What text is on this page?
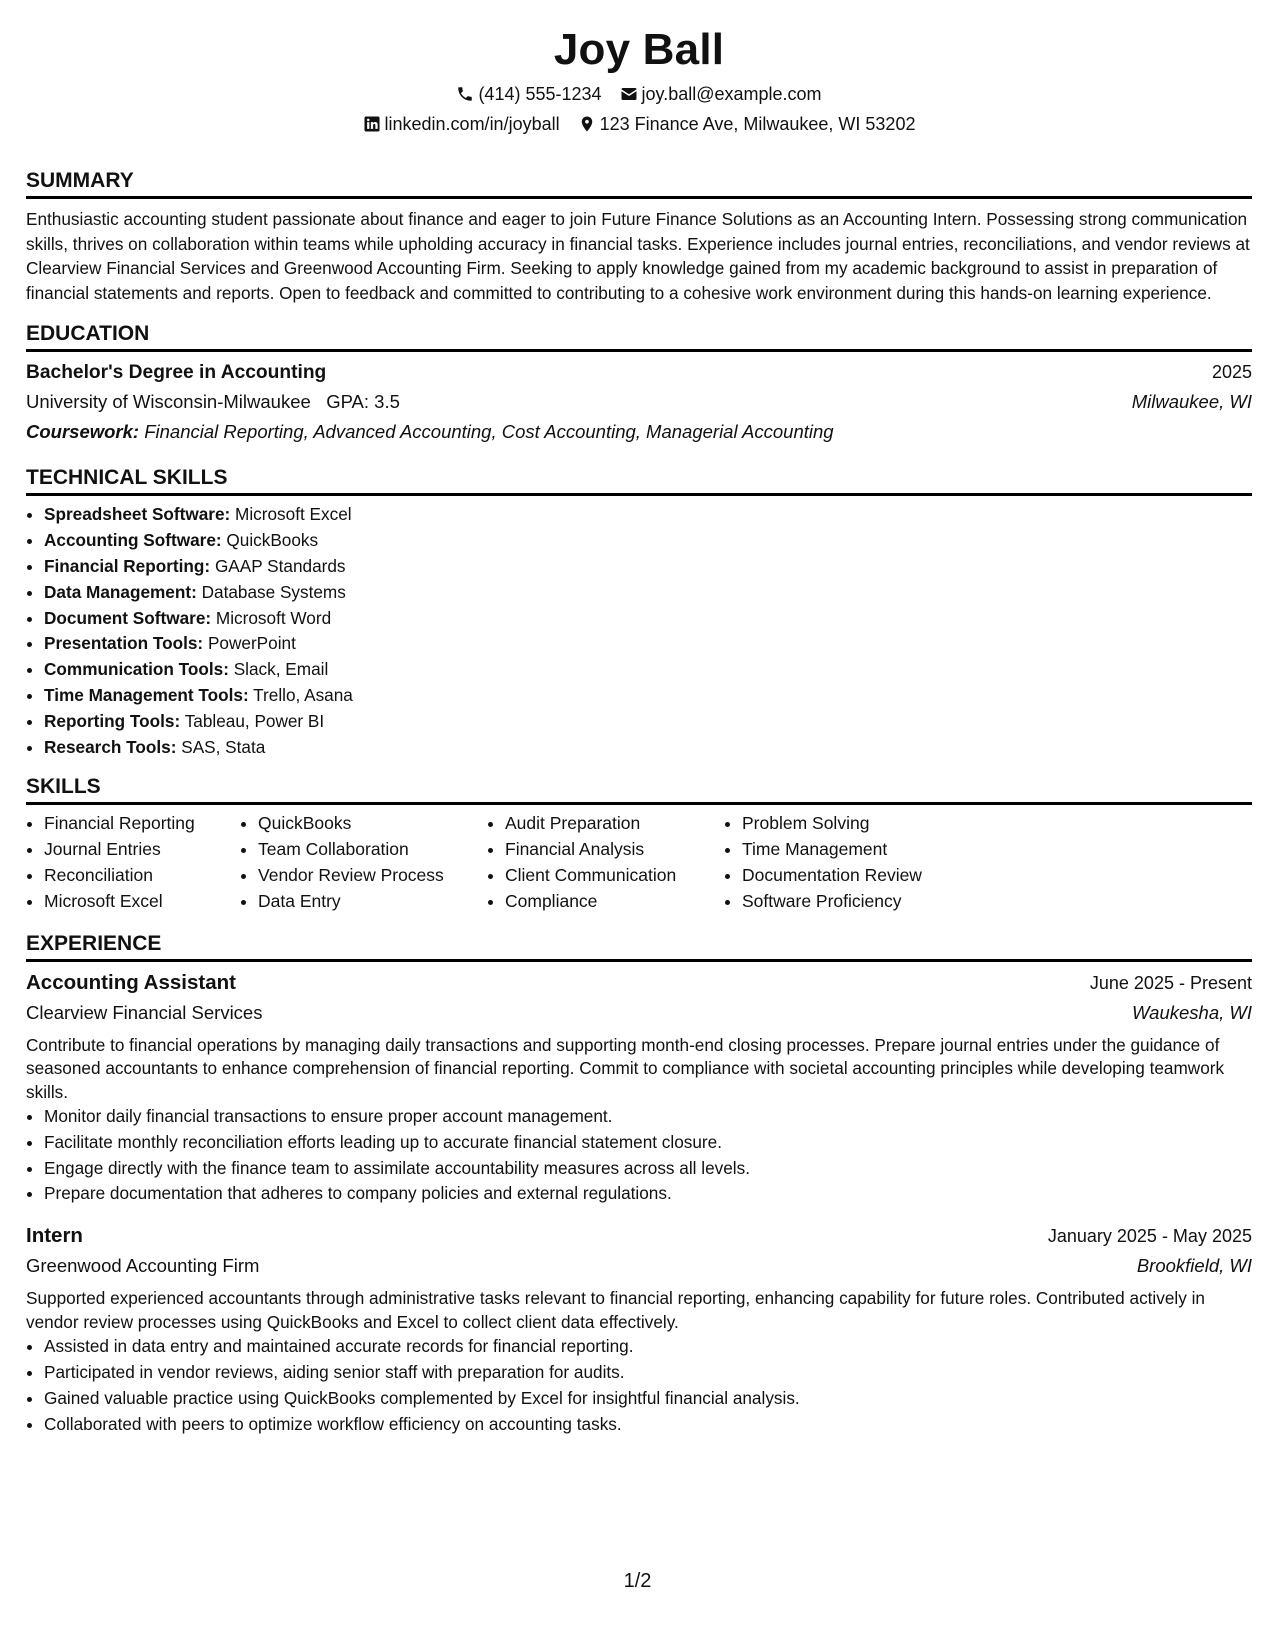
Joy Ball
(414) 555-1234 joy.ball@example.com
linkedin.com/in/joyball 123 Finance Ave, Milwaukee, WI 53202
SUMMARY
Enthusiastic accounting student passionate about finance and eager to join Future Finance Solutions as an Accounting Intern. Possessing strong communication skills, thrives on collaboration within teams while upholding accuracy in financial tasks. Experience includes journal entries, reconciliations, and vendor reviews at Clearview Financial Services and Greenwood Accounting Firm. Seeking to apply knowledge gained from my academic background to assist in preparation of financial statements and reports. Open to feedback and committed to contributing to a cohesive work environment during this hands-on learning experience.
EDUCATION
Bachelor's Degree in Accounting	2025
University of Wisconsin-Milwaukee GPA: 3.5	Milwaukee, WI
Coursework: Financial Reporting, Advanced Accounting, Cost Accounting, Managerial Accounting
TECHNICAL SKILLS
• Spreadsheet Software: Microsoft Excel
• Accounting Software: QuickBooks
• Financial Reporting: GAAP Standards
• Data Management: Database Systems
• Document Software: Microsoft Word
• Presentation Tools: PowerPoint
• Communication Tools: Slack, Email
• Time Management Tools: Trello, Asana
• Reporting Tools: Tableau, Power BI
• Research Tools: SAS, Stata
SKILLS
• Financial Reporting
• Journal Entries
• Reconciliation
• Microsoft Excel
• QuickBooks
• Team Collaboration
• Vendor Review Process
• Data Entry
• Audit Preparation
• Financial Analysis
• Client Communication
• Compliance
• Problem Solving
• Time Management
• Documentation Review
• Software Proficiency
EXPERIENCE
Accounting Assistant	June 2025 - Present
Clearview Financial Services	Waukesha, WI
Contribute to financial operations by managing daily transactions and supporting month-end closing processes. Prepare journal entries under the guidance of seasoned accountants to enhance comprehension of financial reporting. Commit to compliance with societal accounting principles while developing teamwork skills.
• Monitor daily financial transactions to ensure proper account management.
• Facilitate monthly reconciliation efforts leading up to accurate financial statement closure.
• Engage directly with the finance team to assimilate accountability measures across all levels.
• Prepare documentation that adheres to company policies and external regulations.
Intern	January 2025 - May 2025
Greenwood Accounting Firm	Brookfield, WI
Supported experienced accountants through administrative tasks relevant to financial reporting, enhancing capability for future roles. Contributed actively in vendor review processes using QuickBooks and Excel to collect client data effectively.
• Assisted in data entry and maintained accurate records for financial reporting.
• Participated in vendor reviews, aiding senior staff with preparation for audits.
• Gained valuable practice using QuickBooks complemented by Excel for insightful financial analysis.
• Collaborated with peers to optimize workflow efficiency on accounting tasks.
1/2
